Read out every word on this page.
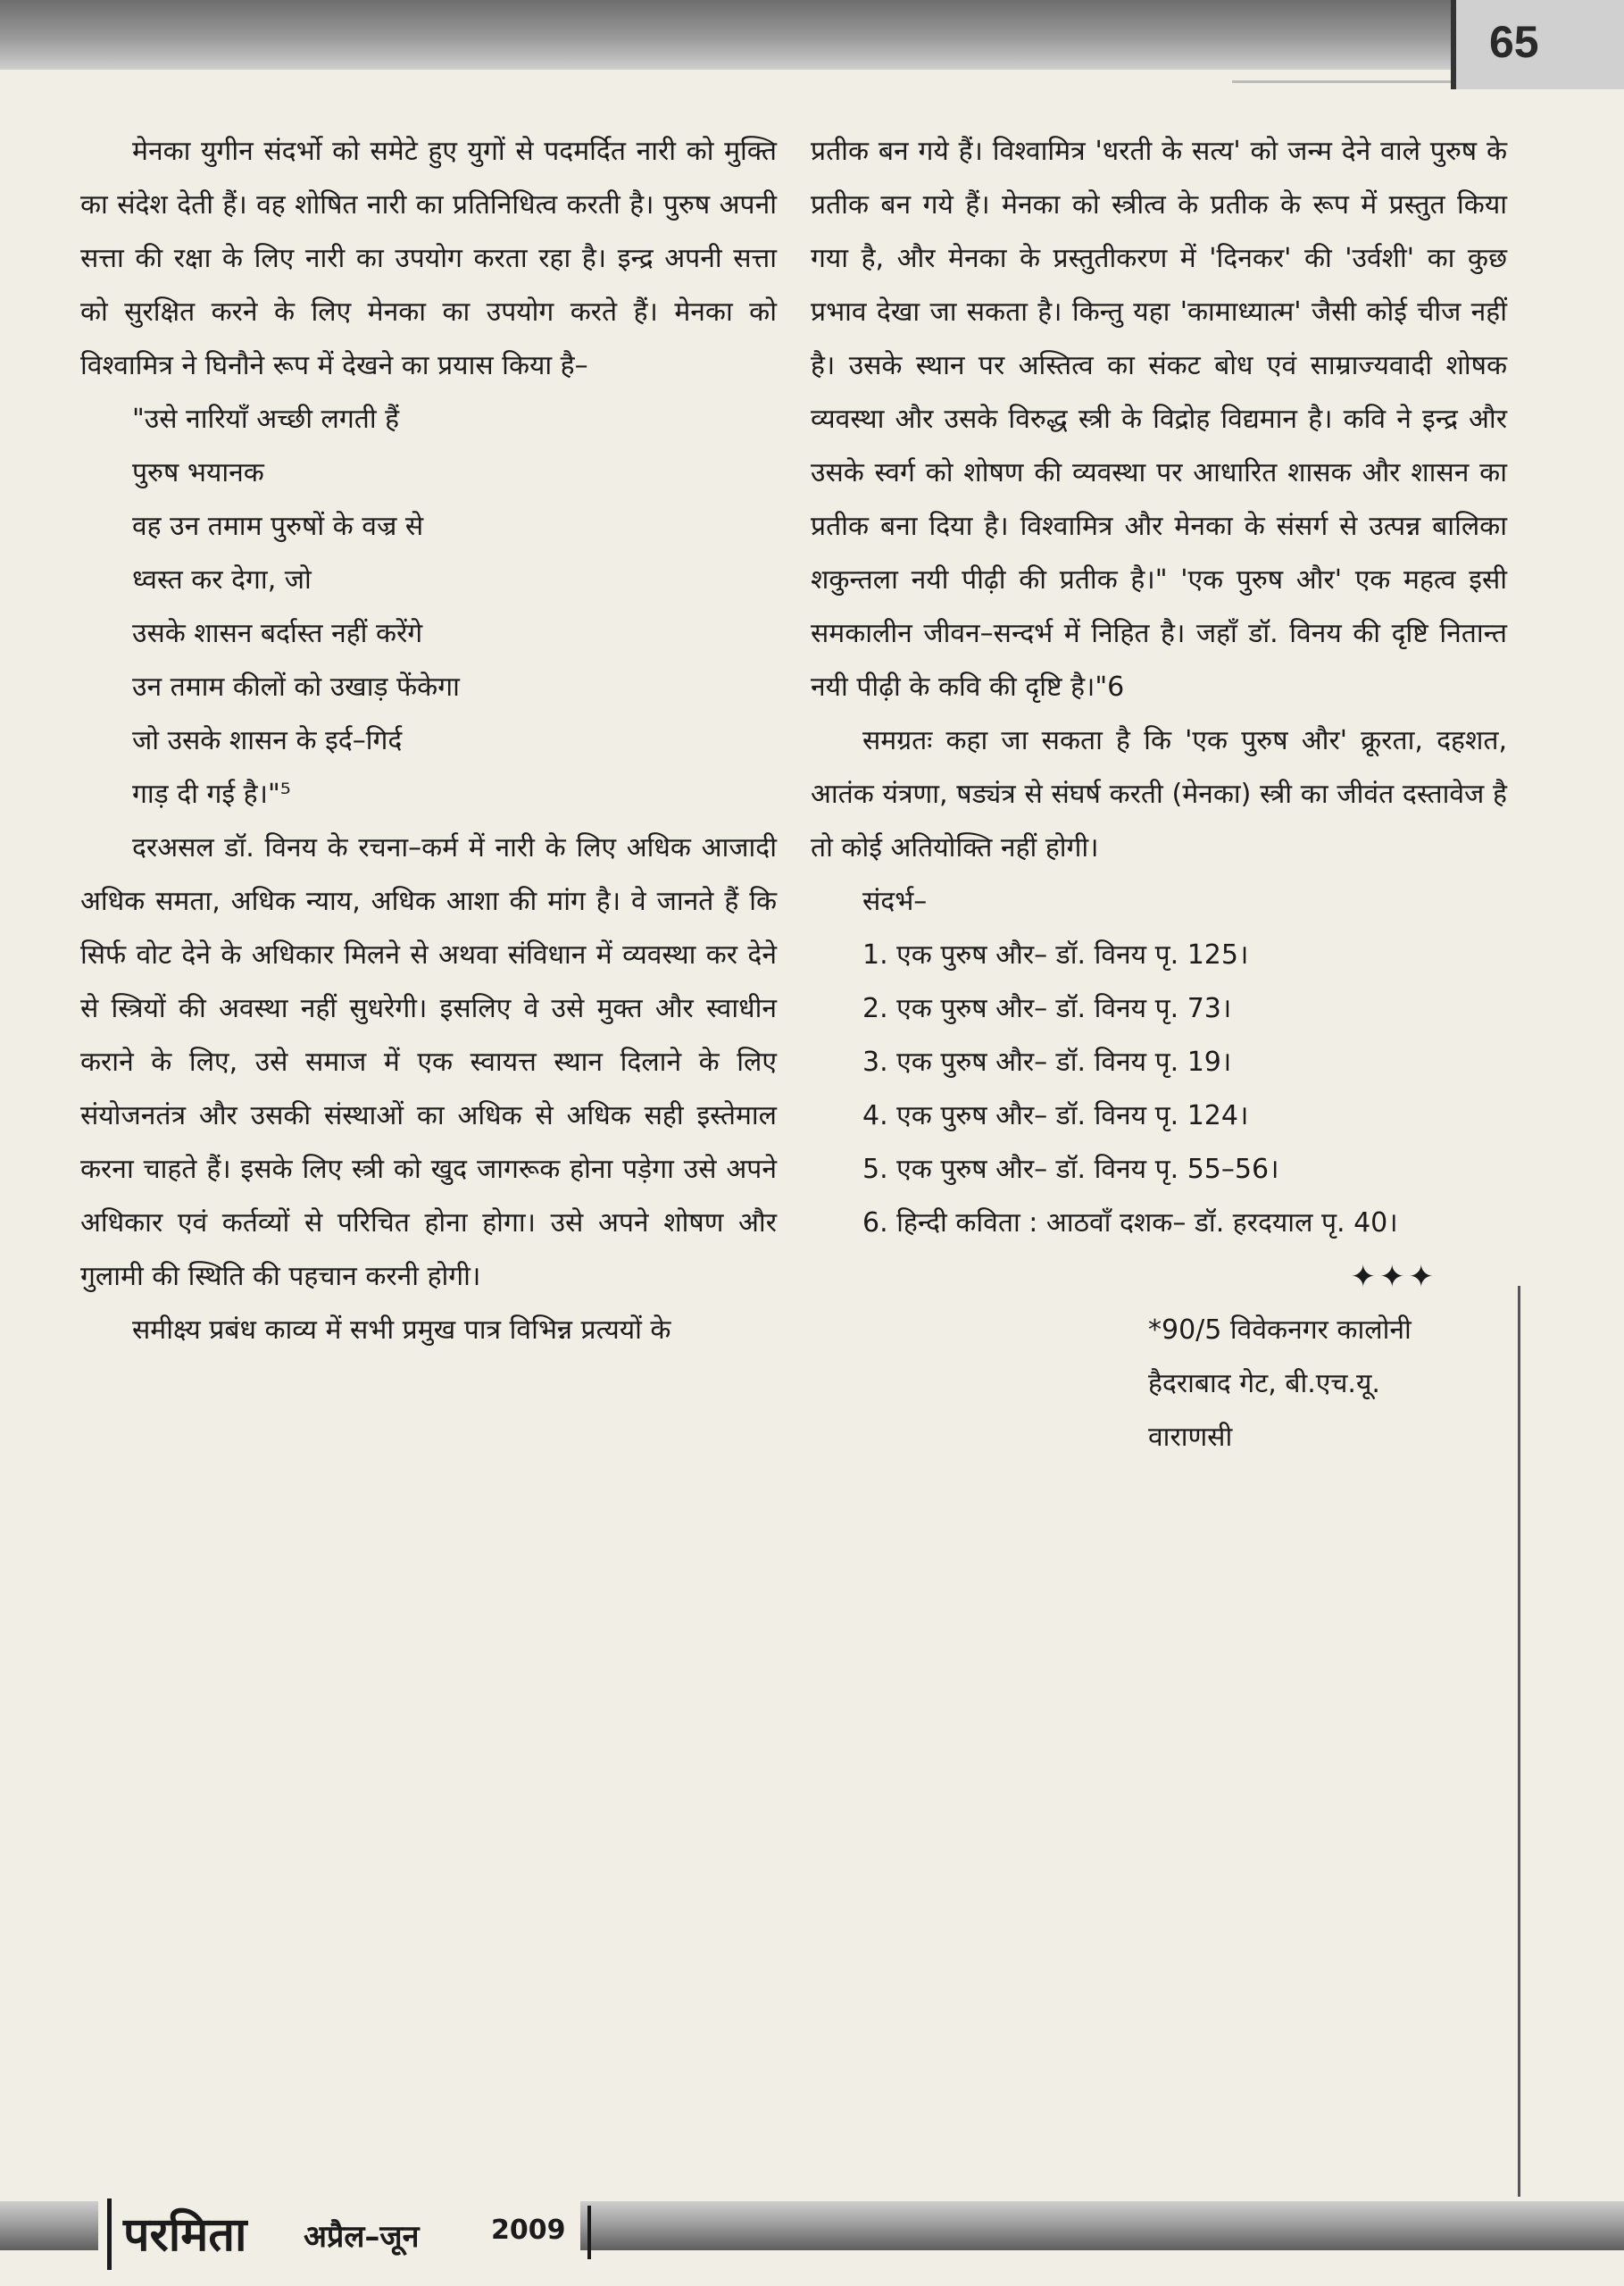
65

मेनका युगीन संदर्भो को समेटे हुए युगों से पदमर्दित नारी को मुक्ति का संदेश देती हैं। वह शोषित नारी का प्रतिनिधित्व करती है। पुरुष अपनी सत्ता की रक्षा के लिए नारी का उपयोग करता रहा है। इन्द्र अपनी सत्ता को सुरक्षित करने के लिए मेनका का उपयोग करते हैं। मेनका को विश्वामित्र ने घिनौने रूप में देखने का प्रयास किया है–

"उसे नारियाँ अच्छी लगती हैं
पुरुष भयानक
वह उन तमाम पुरुषों के वज्र से
ध्वस्त कर देगा, जो
उसके शासन बर्दास्त नहीं करेंगे
उन तमाम कीलों को उखाड़ फेंकेगा
जो उसके शासन के इर्द–गिर्द
गाड़ दी गई है।"⁵

दरअसल डॉ. विनय के रचना–कर्म में नारी के लिए अधिक आजादी अधिक समता, अधिक न्याय, अधिक आशा की मांग है। वे जानते हैं कि सिर्फ वोट देने के अधिकार मिलने से अथवा संविधान में व्यवस्था कर देने से स्त्रियों की अवस्था नहीं सुधरेगी। इसलिए वे उसे मुक्त और स्वाधीन कराने के लिए, उसे समाज में एक स्वायत्त स्थान दिलाने के लिए संयोजनतंत्र और उसकी संस्थाओं का अधिक से अधिक सही इस्तेमाल करना चाहते हैं। इसके लिए स्त्री को खुद जागरूक होना पड़ेगा उसे अपने अधिकार एवं कर्तव्यों से परिचित होना होगा। उसे अपने शोषण और गुलामी की स्थिति की पहचान करनी होगी।

समीक्ष्य प्रबंध काव्य में सभी प्रमुख पात्र विभिन्न प्रत्ययों के

प्रतीक बन गये हैं। विश्वामित्र 'धरती के सत्य' को जन्म देने वाले पुरुष के प्रतीक बन गये हैं। मेनका को स्त्रीत्व के प्रतीक के रूप में प्रस्तुत किया गया है, और मेनका के प्रस्तुतीकरण में 'दिनकर' की 'उर्वशी' का कुछ प्रभाव देखा जा सकता है। किन्तु यहा 'कामाध्यात्म' जैसी कोई चीज नहीं है। उसके स्थान पर अस्तित्व का संकट बोध एवं साम्राज्यवादी शोषक व्यवस्था और उसके विरुद्ध स्त्री के विद्रोह विद्यमान है। कवि ने इन्द्र और उसके स्वर्ग को शोषण की व्यवस्था पर आधारित शासक और शासन का प्रतीक बना दिया है। विश्वामित्र और मेनका के संसर्ग से उत्पन्न बालिका शकुन्तला नयी पीढ़ी की प्रतीक है।" 'एक पुरुष और' एक महत्व इसी समकालीन जीवन–सन्दर्भ में निहित है। जहाँ डॉ. विनय की दृष्टि नितान्त नयी पीढ़ी के कवि की दृष्टि है।"6

समग्रतः कहा जा सकता है कि 'एक पुरुष और' क्रूरता, दहशत, आतंक यंत्रणा, षड्यंत्र से संघर्ष करती (मेनका) स्त्री का जीवंत दस्तावेज है तो कोई अतियोक्ति नहीं होगी।

संदर्भ–

1. एक पुरुष और– डॉ. विनय पृ. 125।
2. एक पुरुष और– डॉ. विनय पृ. 73।
3. एक पुरुष और– डॉ. विनय पृ. 19।
4. एक पुरुष और– डॉ. विनय पृ. 124।
5. एक पुरुष और– डॉ. विनय पृ. 55–56।
6. हिन्दी कविता : आठवाँ दशक– डॉ. हरदयाल पृ. 40।
✦✦✦

*90/5 विवेकनगर कालोनी
हैदराबाद गेट, बी.एच.यू.
वाराणसी

परमिता अप्रैल–जून	2009
